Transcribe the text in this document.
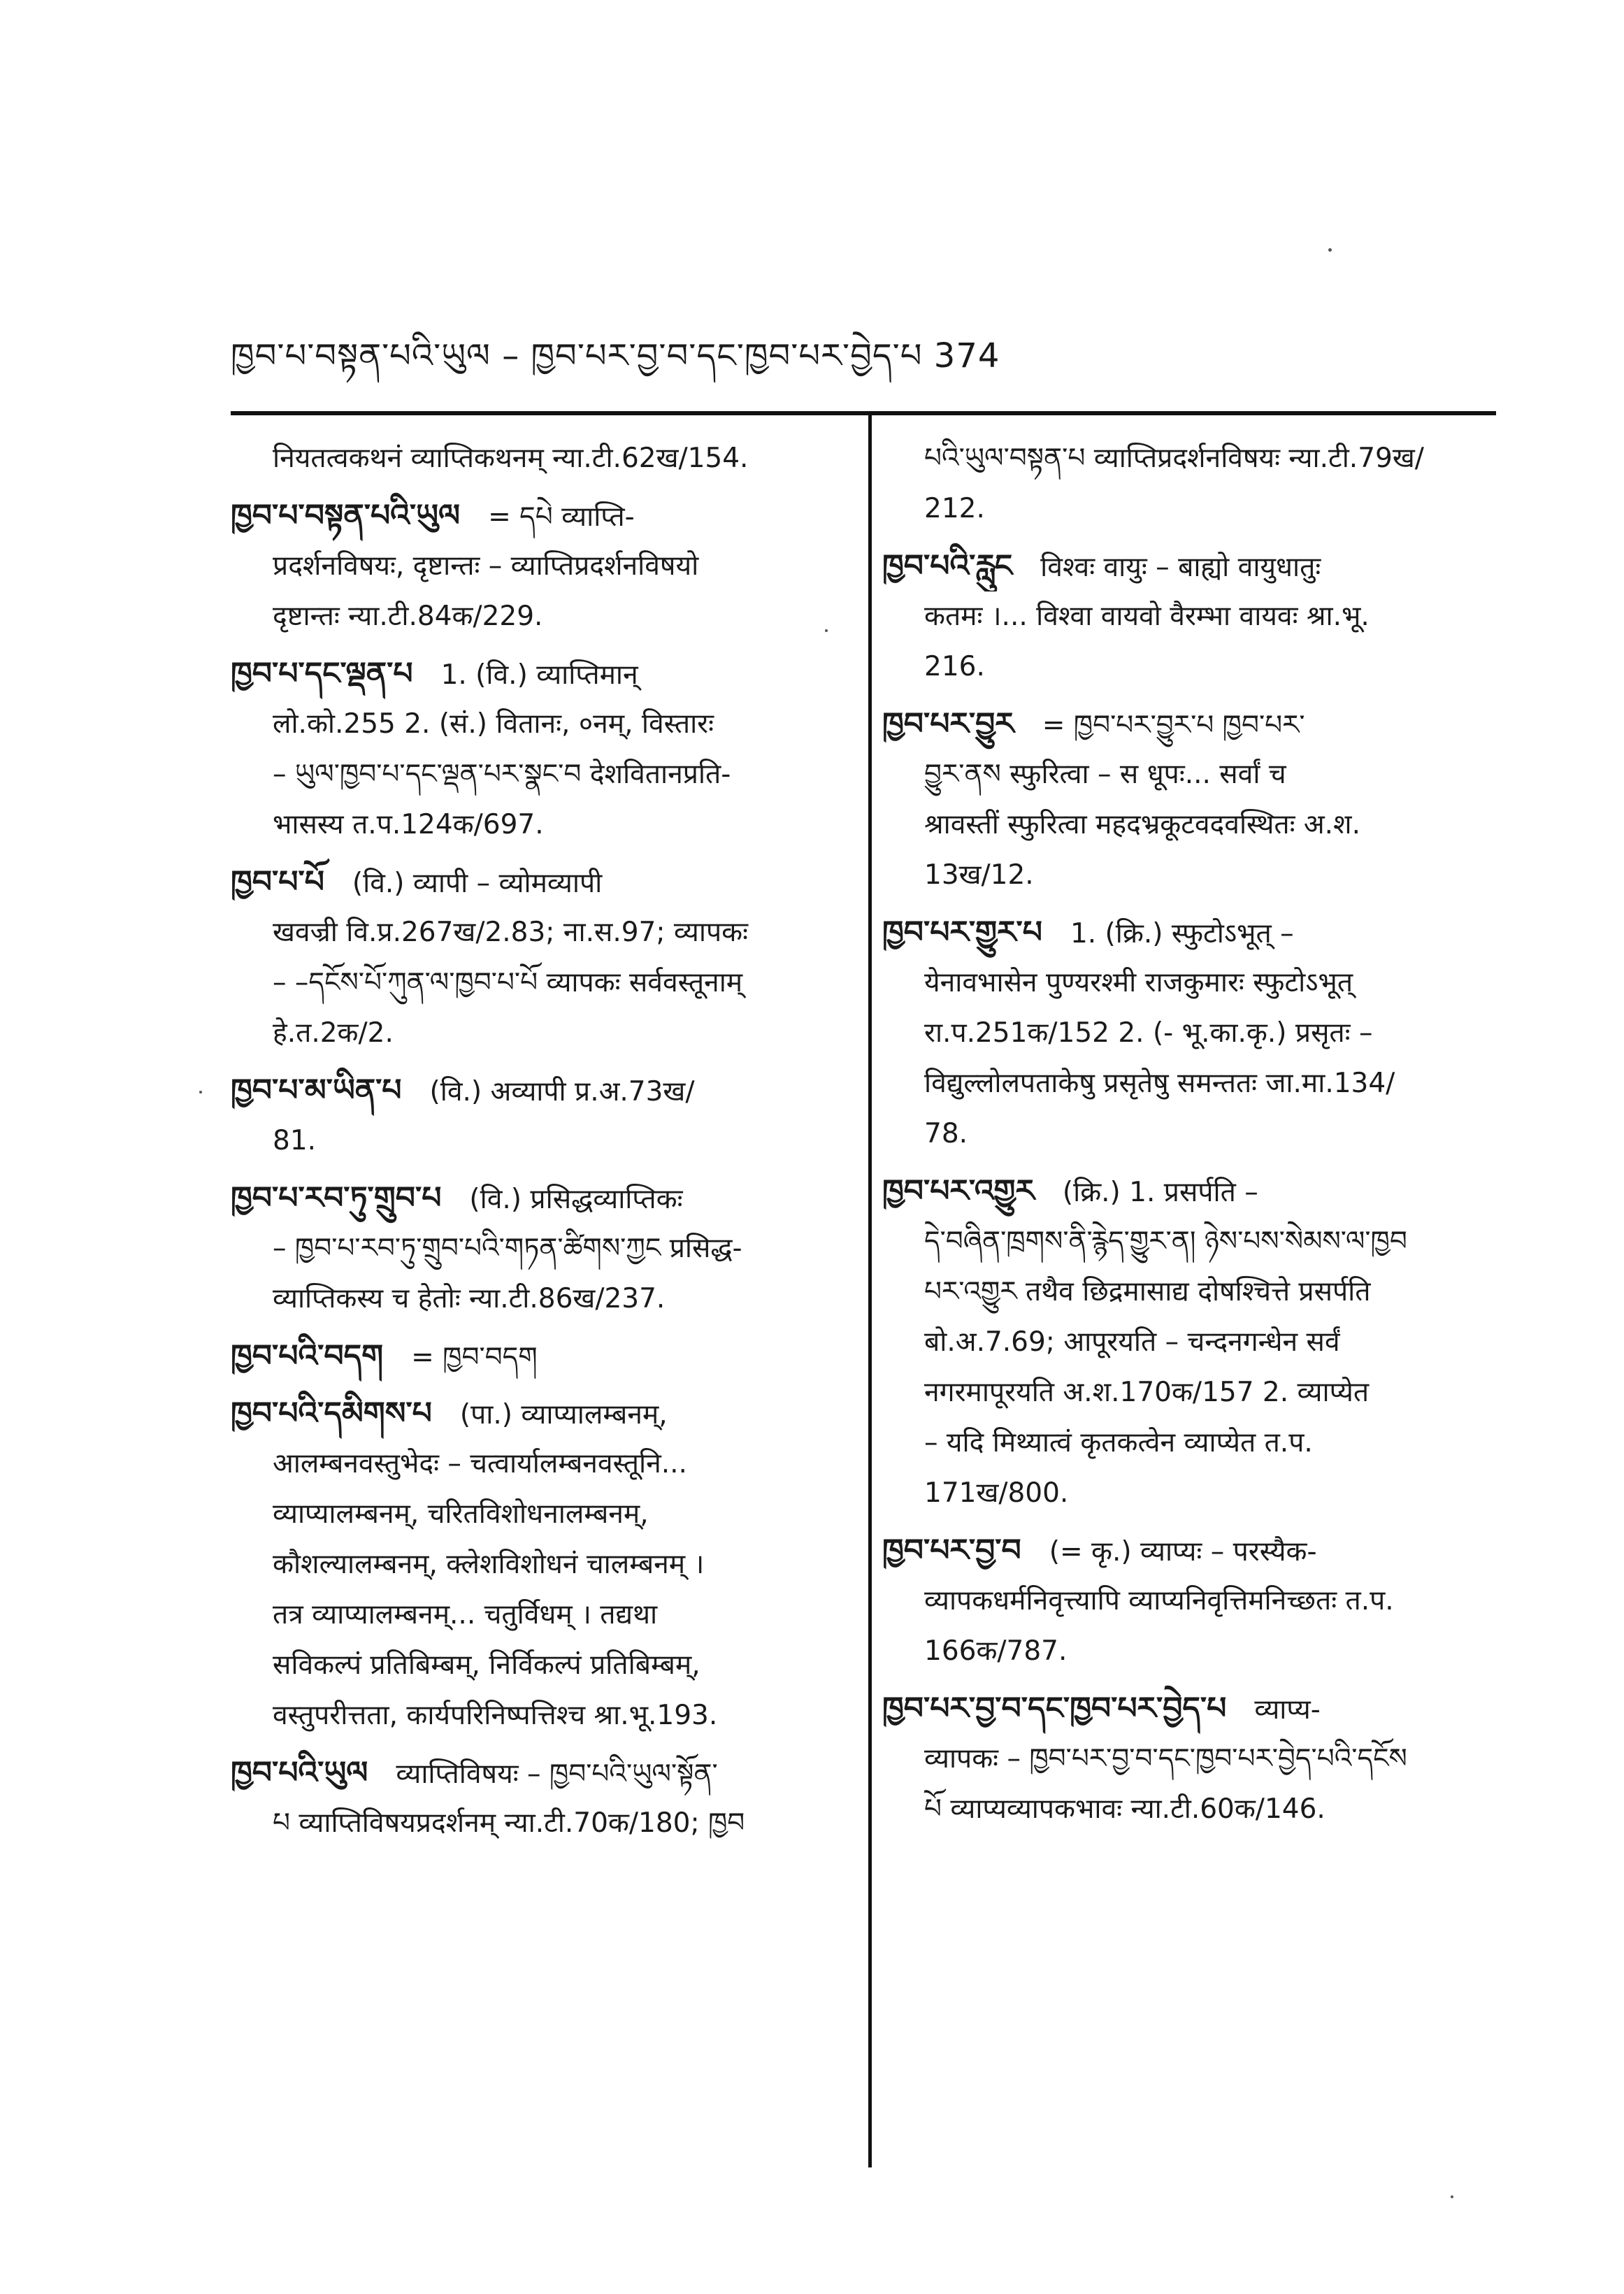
ཁྱབ་པ་བསྟན་པའི་ཡུལ – ཁྱབ་པར་བྱ་བ་དང་ཁྱབ་པར་བྱེད་པ 374
नियतत्वकथनं व्याप्तिकथनम् न्या.टी.62ख/154.
ཁྱབ་པ་བསྟན་པའི་ཡུལ = དཔེ व्याप्ति-
प्रदर्शनविषयः, दृष्टान्तः – व्याप्तिप्रदर्शनविषयो
दृष्टान्तः न्या.टी.84क/229.
ཁྱབ་པ་དང་ལྡན་པ 1. (वि.) व्याप्तिमान्
लो.को.255 2. (सं.) वितानः, ०नम्, विस्तारः
– ཡུལ་ཁྱབ་པ་དང་ལྡན་པར་སྣང་བ देशवितानप्रति-
भासस्य त.प.124क/697.
ཁྱབ་པ་པོ (वि.) व्यापी – व्योमव्यापी
खवज्री वि.प्र.267ख/2.83; ना.स.97; व्यापकः
– –དངོས་པོ་ཀུན་ལ་ཁྱབ་པ་པོ व्यापकः सर्ववस्तूनाम्
हे.त.2क/2.
ཁྱབ་པ་མ་ཡིན་པ (वि.) अव्यापी प्र.अ.73ख/
81.
ཁྱབ་པ་རབ་ཏུ་གྲུབ་པ (वि.) प्रसिद्धव्याप्तिकः
– ཁྱབ་པ་རབ་ཏུ་གྲུབ་པའི་གཏན་ཚིགས་ཀྱང प्रसिद्ध-
व्याप्तिकस्य च हेतोः न्या.टी.86ख/237.
ཁྱབ་པའི་བདག = ཁྱབ་བདག
ཁྱབ་པའི་དམིགས་པ (पा.) व्याप्यालम्बनम्,
आलम्बनवस्तुभेदः – चत्वार्यालम्बनवस्तूनि...
व्याप्यालम्बनम्, चरितविशोधनालम्बनम्,
कौशल्यालम्बनम्, क्लेशविशोधनं चालम्बनम् ।
तत्र व्याप्यालम्बनम्... चतुर्विधम् । तद्यथा
सविकल्पं प्रतिबिम्बम्, निर्विकल्पं प्रतिबिम्बम्,
वस्तुपरीत्तता, कार्यपरिनिष्पत्तिश्च श्रा.भू.193.
ཁྱབ་པའི་ཡུལ व्याप्तिविषयः – ཁྱབ་པའི་ཡུལ་སྟོན་
པ व्याप्तिविषयप्रदर्शनम् न्या.टी.70क/180; ཁྱབ
པའི་ཡུལ་བསྟན་པ व्याप्तिप्रदर्शनविषयः न्या.टी.79ख/
212.
ཁྱབ་པའི་རླུང विश्वः वायुः – बाह्यो वायुधातुः
कतमः ।... विश्वा वायवो वैरम्भा वायवः श्रा.भू.
216.
ཁྱབ་པར་བྱུར = ཁྱབ་པར་བྱུར་པ ཁྱབ་པར་
བྱུར་ནས स्फुरित्वा – स धूपः... सर्वां च
श्रावस्तीं स्फुरित्वा महदभ्रकूटवदवस्थितः अ.श.
13ख/12.
ཁྱབ་པར་གྱུར་པ 1. (क्रि.) स्फुटोऽभूत् –
येनावभासेन पुण्यरश्मी राजकुमारः स्फुटोऽभूत्
रा.प.251क/152 2. (- भू.का.कृ.) प्रसृतः –
विद्युल्लोलपताकेषु प्रसृतेषु समन्ततः जा.मा.134/
78.
ཁྱབ་པར་འགྱུར (क्रि.) 1. प्रसर्पति –
དེ་བཞིན་ཁྲགས་ནི་རྙེད་གྱུར་ན། ཉེས་པས་སེམས་ལ་ཁྱབ
པར་འགྱུར तथैव छिद्रमासाद्य दोषश्चित्ते प्रसर्पति
बो.अ.7.69; आपूरयति – चन्दनगन्धेन सर्वं
नगरमापूरयति अ.श.170क/157 2. व्याप्येत
– यदि मिथ्यात्वं कृतकत्वेन व्याप्येत त.प.
171ख/800.
ཁྱབ་པར་བྱ་བ (= कृ.) व्याप्यः – परस्यैक-
व्यापकधर्मनिवृत्त्यापि व्याप्यनिवृत्तिमनिच्छतः त.प.
166क/787.
ཁྱབ་པར་བྱ་བ་དང་ཁྱབ་པར་བྱེད་པ व्याप्य-
व्यापकः – ཁྱབ་པར་བྱ་བ་དང་ཁྱབ་པར་བྱེད་པའི་དངོས
པོ व्याप्यव्यापकभावः न्या.टी.60क/146.
